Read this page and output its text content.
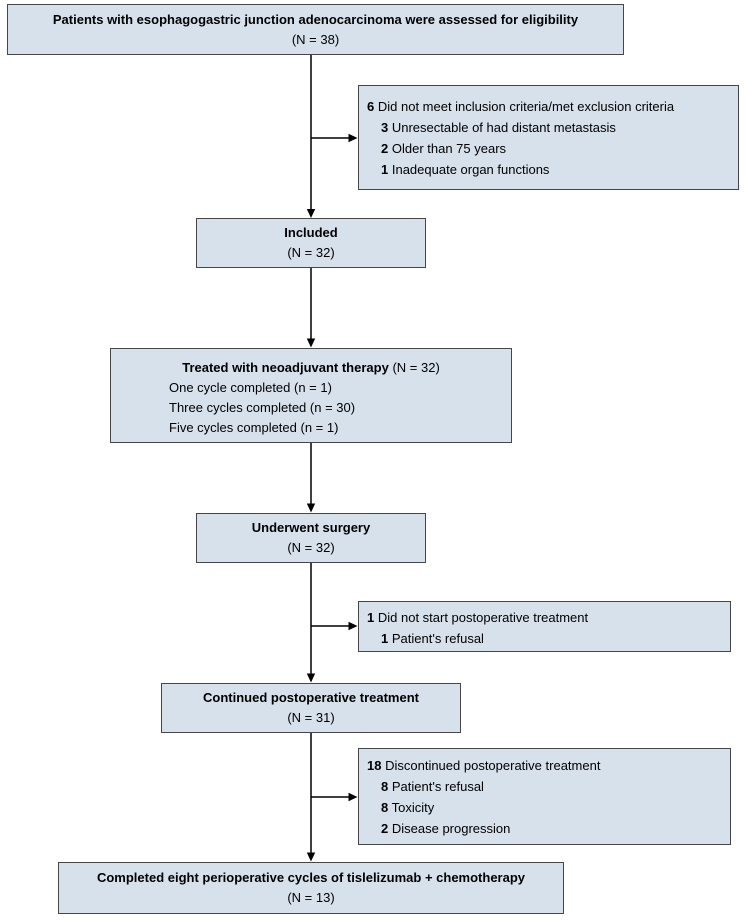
Patients with esophagogastric junction adenocarcinoma were assessed for eligibility
(N = 38)
6 Did not meet inclusion criteria/met exclusion criteria
3 Unresectable of had distant metastasis
2 Older than 75 years
1 Inadequate organ functions
Included
(N = 32)
Treated with neoadjuvant therapy (N = 32)
One cycle completed (n = 1)
Three cycles completed (n = 30)
Five cycles completed (n = 1)
Underwent surgery
(N = 32)
1 Did not start postoperative treatment
1 Patient's refusal
Continued postoperative treatment
(N = 31)
18 Discontinued postoperative treatment
8 Patient's refusal
8 Toxicity
2 Disease progression
Completed eight perioperative cycles of tislelizumab + chemotherapy
(N = 13)
